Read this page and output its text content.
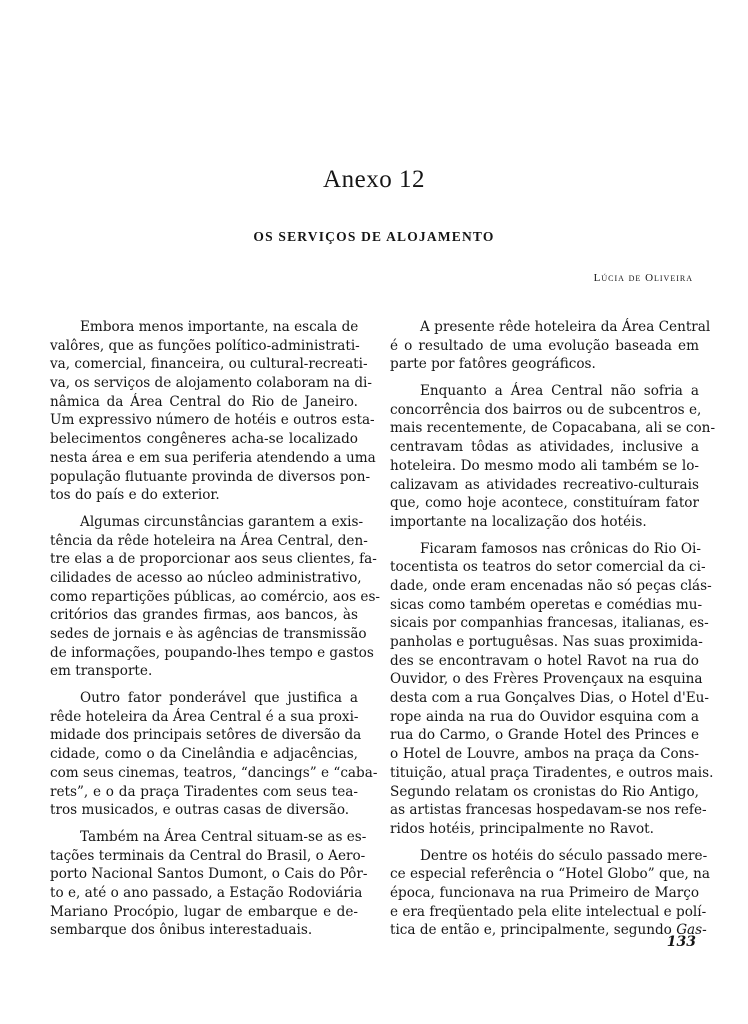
Anexo 12
OS SERVIÇOS DE ALOJAMENTO

Lúcia de Oliveira

Embora menos importante, na escala de
valôres, que as funções político-administrati-
va, comercial, financeira, ou cultural-recreati-
va, os serviços de alojamento colaboram na di-
nâmica da Área Central do Rio de Janeiro.
Um expressivo número de hotéis e outros esta-
belecimentos congêneres acha-se localizado
nesta área e em sua periferia atendendo a uma
população flutuante provinda de diversos pon-
tos do país e do exterior.
Algumas circunstâncias garantem a exis-
tência da rêde hoteleira na Área Central, den-
tre elas a de proporcionar aos seus clientes, fa-
cilidades de acesso ao núcleo administrativo,
como repartições públicas, ao comércio, aos es-
critórios das grandes firmas, aos bancos, às
sedes de jornais e às agências de transmissão
de informações, poupando-lhes tempo e gastos
em transporte.
Outro fator ponderável que justifica a
rêde hoteleira da Área Central é a sua proxi-
midade dos principais setôres de diversão da
cidade, como o da Cinelândia e adjacências,
com seus cinemas, teatros, “dancings” e “caba-
rets”, e o da praça Tiradentes com seus tea-
tros musicados, e outras casas de diversão.
Também na Área Central situam-se as es-
tações terminais da Central do Brasil, o Aero-
porto Nacional Santos Dumont, o Cais do Pôr-
to e, até o ano passado, a Estação Rodoviária
Mariano Procópio, lugar de embarque e de-
sembarque dos ônibus interestaduais.
A presente rêde hoteleira da Área Central
é o resultado de uma evolução baseada em
parte por fatôres geográficos.
Enquanto a Área Central não sofria a
concorrência dos bairros ou de subcentros e,
mais recentemente, de Copacabana, ali se con-
centravam tôdas as atividades, inclusive a
hoteleira. Do mesmo modo ali também se lo-
calizavam as atividades recreativo-culturais
que, como hoje acontece, constituíram fator
importante na localização dos hotéis.
Ficaram famosos nas crônicas do Rio Oi-
tocentista os teatros do setor comercial da ci-
dade, onde eram encenadas não só peças clás-
sicas como também operetas e comédias mu-
sicais por companhias francesas, italianas, es-
panholas e portuguêsas. Nas suas proximida-
des se encontravam o hotel Ravot na rua do
Ouvidor, o des Frères Provençaux na esquina
desta com a rua Gonçalves Dias, o Hotel d'Eu-
rope ainda na rua do Ouvidor esquina com a
rua do Carmo, o Grande Hotel des Princes e
o Hotel de Louvre, ambos na praça da Cons-
tituição, atual praça Tiradentes, e outros mais.
Segundo relatam os cronistas do Rio Antigo,
as artistas francesas hospedavam-se nos refe-
ridos hotéis, principalmente no Ravot.
Dentre os hotéis do século passado mere-
ce especial referência o “Hotel Globo” que, na
época, funcionava na rua Primeiro de Março
e era freqüentado pela elite intelectual e polí-
tica de então e, principalmente, segundo Gas-

133
